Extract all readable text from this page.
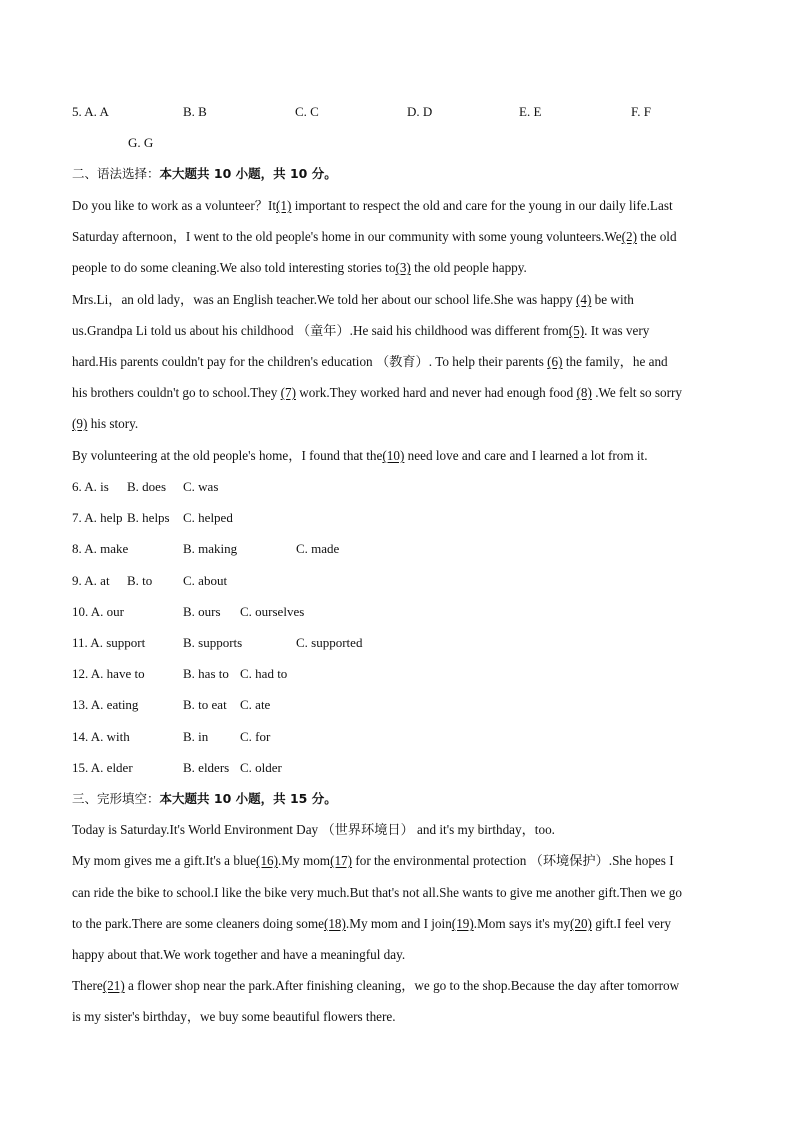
5. A. A	B. B	C. C	D. D	E. E	F. F
G. G
二、语法选择：本大题共 10 小题，共 10 分。
Do you like to work as a volunteer？It(1) important to respect the old and care for the young in our daily life.Last
Saturday afternoon，I went to the old people's home in our community with some young volunteers.We(2) the old
people to do some cleaning.We also told interesting stories to(3) the old people happy.
Mrs.Li，an old lady，was an English teacher.We told her about our school life.She was happy (4) be with
us.Grandpa Li told us about his childhood （童年）.He said his childhood was different from(5). It was very
hard.His parents couldn't pay for the children's education （教育）. To help their parents (6) the family，he and
his brothers couldn't go to school.They (7) work.They worked hard and never had enough food (8) .We felt so sorry
(9) his story.
By volunteering at the old people's home，I found that the(10) need love and care and I learned a lot from it.
6. A. is B. does C. was
7. A. help B. helps C. helped
8. A. make	B. making	C. made
9. A. at B. to C. about
10. A. our	B. ours C. ourselves
11. A. support	B. supports	C. supported
12. A. have to	B. has to C. had to
13. A. eating	B. to eat C. ate
14. A. with	B. in C. for
15. A. elder	B. elders C. older
三、完形填空：本大题共 10 小题，共 15 分。
Today is Saturday.It's World Environment Day （世界环境日） and it's my birthday，too.
My mom gives me a gift.It's a blue(16).My mom(17) for the environmental protection （环境保护）.She hopes I
can ride the bike to school.I like the bike very much.But that's not all.She wants to give me another gift.Then we go
to the park.There are some cleaners doing some(18).My mom and I join(19).Mom says it's my(20) gift.I feel very
happy about that.We work together and have a meaningful day.
There(21) a flower shop near the park.After finishing cleaning，we go to the shop.Because the day after tomorrow
is my sister's birthday，we buy some beautiful flowers there.
